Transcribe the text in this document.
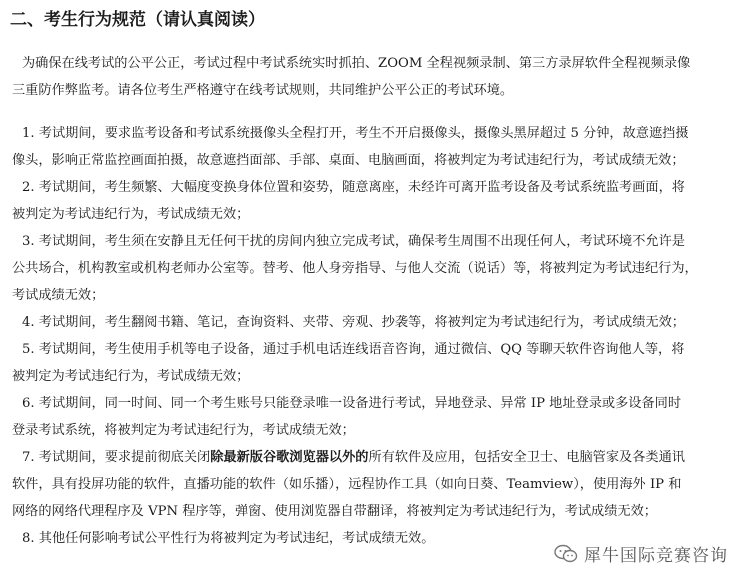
二、考生行为规范（请认真阅读）
为确保在线考试的公平公正，考试过程中考试系统实时抓拍、ZOOM 全程视频录制、第三方录屏软件全程视频录像
三重防作弊监考。请各位考生严格遵守在线考试规则，共同维护公平公正的考试环境。
1. 考试期间，要求监考设备和考试系统摄像头全程打开，考生不开启摄像头，摄像头黑屏超过 5 分钟，故意遮挡摄
像头，影响正常监控画面拍摄，故意遮挡面部、手部、桌面、电脑画面，将被判定为考试违纪行为，考试成绩无效；
2. 考试期间，考生频繁、大幅度变换身体位置和姿势，随意离座，未经许可离开监考设备及考试系统监考画面，将
被判定为考试违纪行为，考试成绩无效；
3. 考试期间，考生须在安静且无任何干扰的房间内独立完成考试，确保考生周围不出现任何人，考试环境不允许是
公共场合，机构教室或机构老师办公室等。替考、他人身旁指导、与他人交流（说话）等，将被判定为考试违纪行为，
考试成绩无效；
4. 考试期间，考生翻阅书籍、笔记，查询资料、夹带、旁观、抄袭等，将被判定为考试违纪行为，考试成绩无效；
5. 考试期间，考生使用手机等电子设备，通过手机电话连线语音咨询，通过微信、QQ 等聊天软件咨询他人等，将
被判定为考试违纪行为，考试成绩无效；
6. 考试期间，同一时间、同一个考生账号只能登录唯一设备进行考试，异地登录、异常 IP 地址登录或多设备同时
登录考试系统，将被判定为考试违纪行为，考试成绩无效；
7. 考试期间，要求提前彻底关闭除最新版谷歌浏览器以外的所有软件及应用，包括安全卫士、电脑管家及各类通讯
软件，具有投屏功能的软件，直播功能的软件（如乐播），远程协作工具（如向日葵、Teamview），使用海外 IP 和
网络的网络代理程序及 VPN 程序等，弹窗、使用浏览器自带翻译，将被判定为考试违纪行为，考试成绩无效；
8. 其他任何影响考试公平性行为将被判定为考试违纪，考试成绩无效。
犀牛国际竞赛咨询
